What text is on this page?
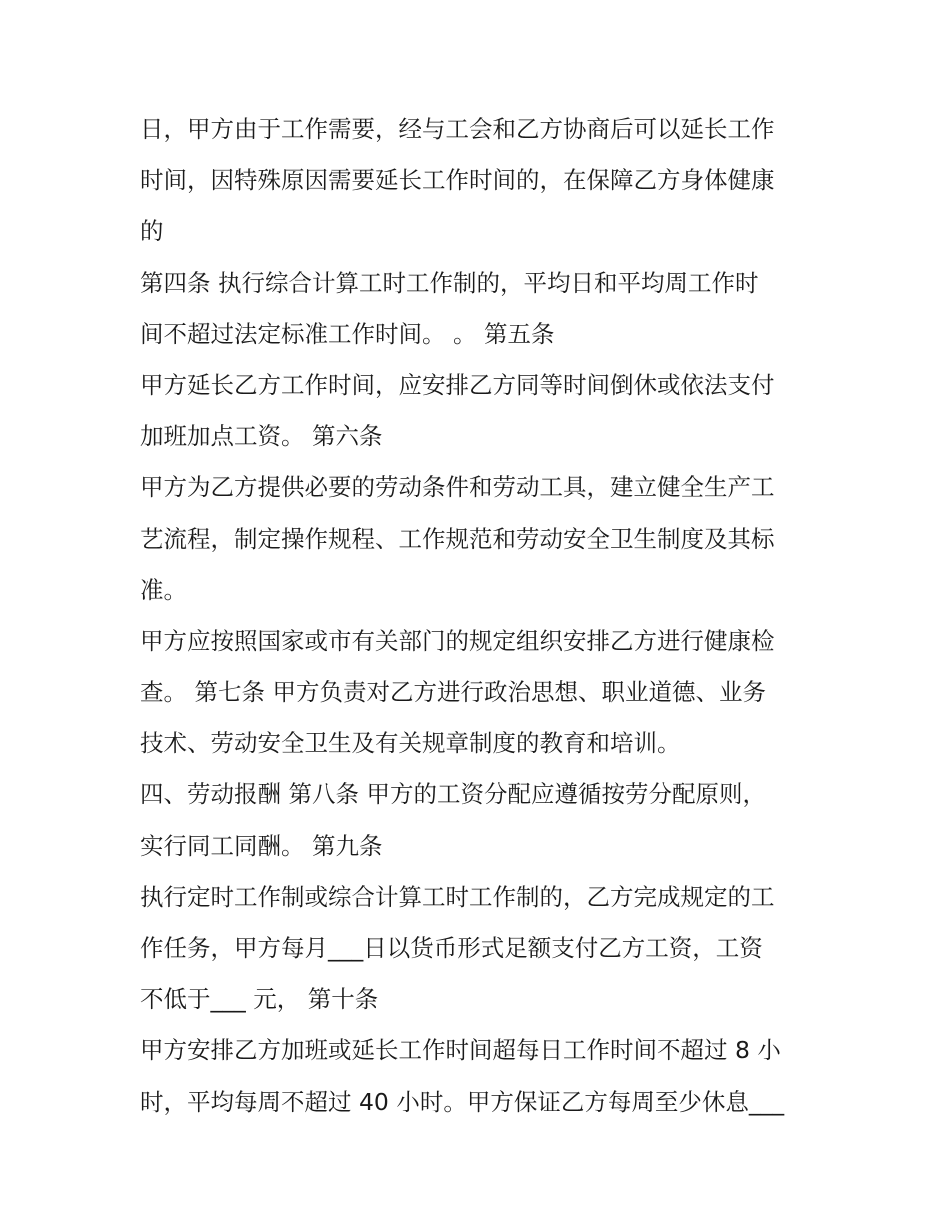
日，甲方由于工作需要，经与工会和乙方协商后可以延长工作
时间，因特殊原因需要延长工作时间的，在保障乙方身体健康
的
第四条 执行综合计算工时工作制的，平均日和平均周工作时
间不超过法定标准工作时间。 。 第五条
甲方延长乙方工作时间，应安排乙方同等时间倒休或依法支付
加班加点工资。 第六条
甲方为乙方提供必要的劳动条件和劳动工具，建立健全生产工
艺流程，制定操作规程、工作规范和劳动安全卫生制度及其标
准。
甲方应按照国家或市有关部门的规定组织安排乙方进行健康检
查。 第七条 甲方负责对乙方进行政治思想、职业道德、业务
技术、劳动安全卫生及有关规章制度的教育和培训。
四、劳动报酬 第八条 甲方的工资分配应遵循按劳分配原则，
实行同工同酬。 第九条
执行定时工作制或综合计算工时工作制的，乙方完成规定的工
作任务，甲方每月___日以货币形式足额支付乙方工资，工资
不低于___ 元， 第十条
甲方安排乙方加班或延长工作时间超每日工作时间不超过 8 小
时，平均每周不超过 40 小时。甲方保证乙方每周至少休息___
